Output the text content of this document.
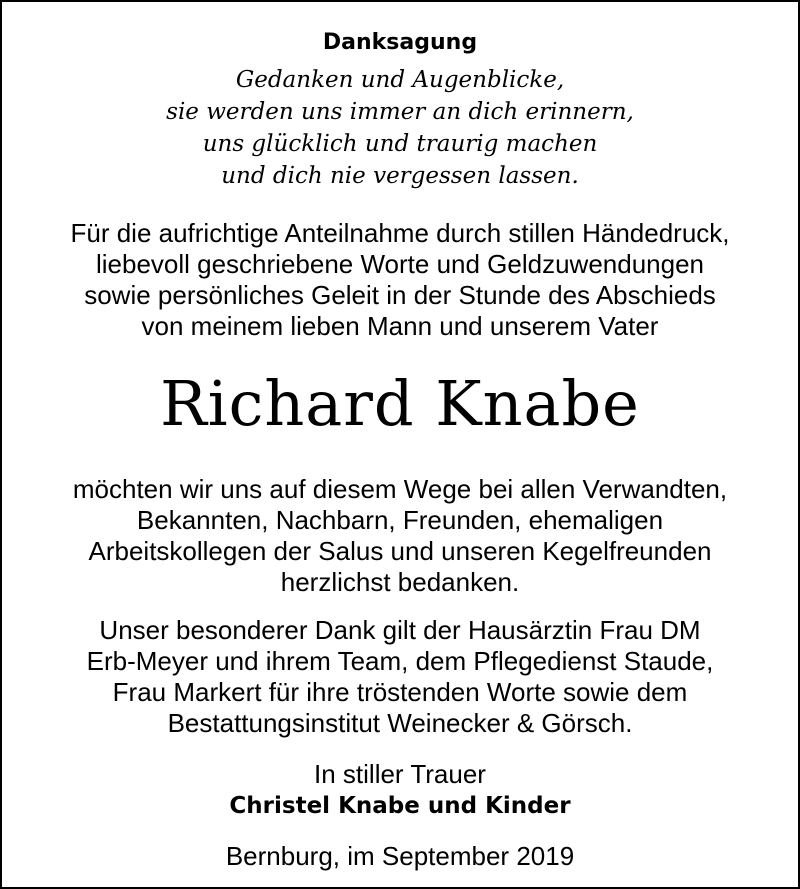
Danksagung
Gedanken und Augenblicke,
sie werden uns immer an dich erinnern,
uns glücklich und traurig machen
und dich nie vergessen lassen.
Für die aufrichtige Anteilnahme durch stillen Händedruck,
liebevoll geschriebene Worte und Geldzuwendungen
sowie persönliches Geleit in der Stunde des Abschieds
von meinem lieben Mann und unserem Vater
Richard Knabe
möchten wir uns auf diesem Wege bei allen Verwandten,
Bekannten, Nachbarn, Freunden, ehemaligen
Arbeitskollegen der Salus und unseren Kegelfreunden
herzlichst bedanken.
Unser besonderer Dank gilt der Hausärztin Frau DM
Erb-Meyer und ihrem Team, dem Pflegedienst Staude,
Frau Markert für ihre tröstenden Worte sowie dem
Bestattungsinstitut Weinecker & Görsch.
In stiller Trauer
Christel Knabe und Kinder
Bernburg, im September 2019
